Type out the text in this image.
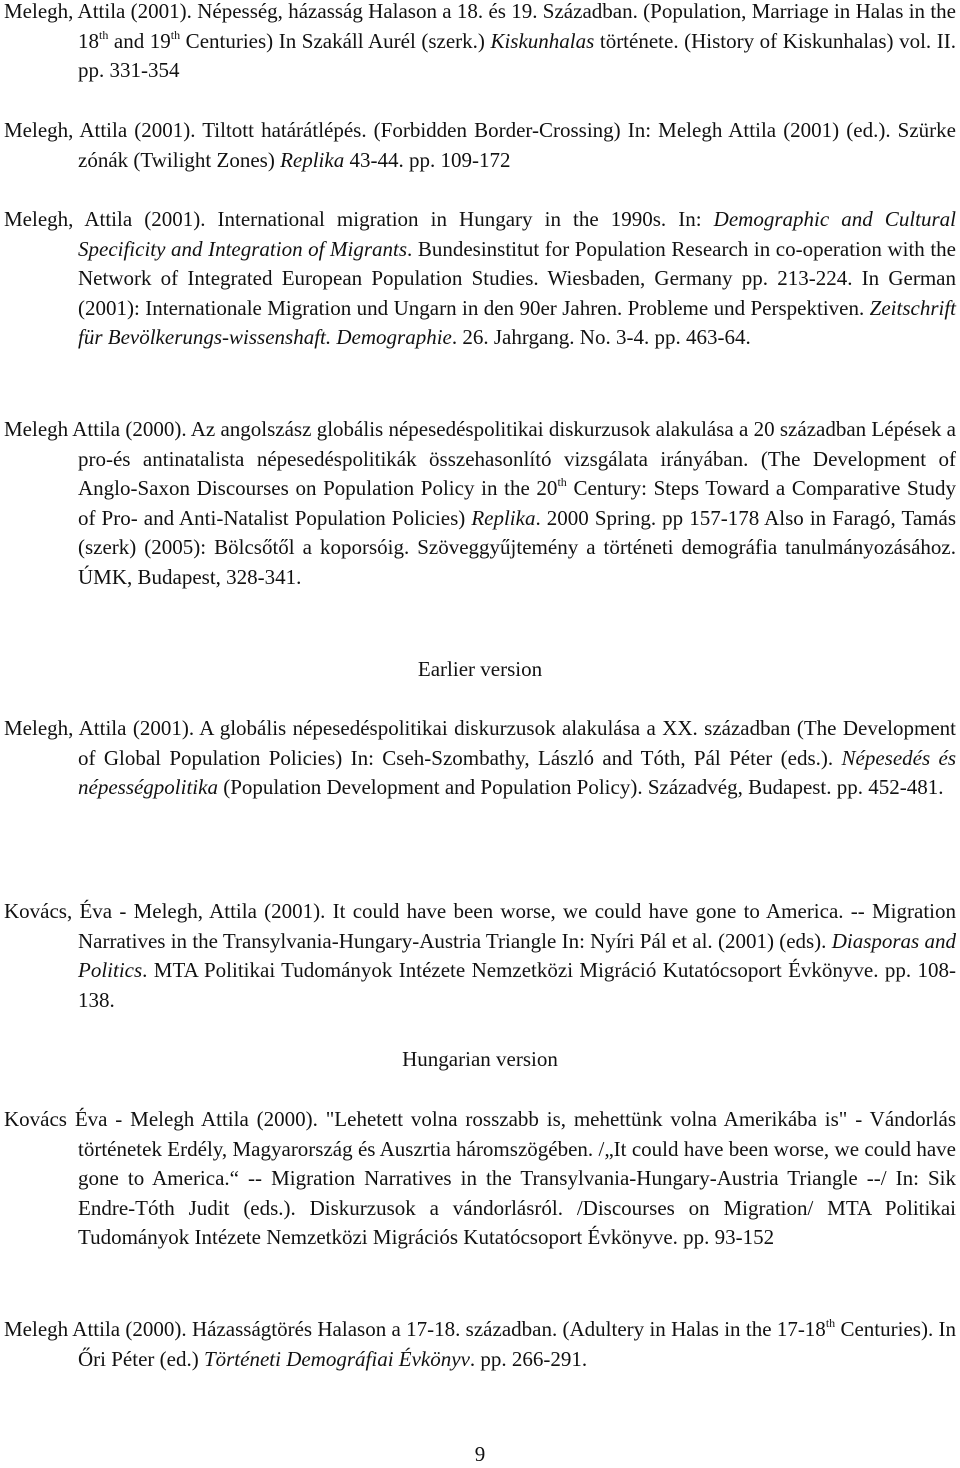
Melegh, Attila (2001). Népesség, házasság Halason a 18. és 19. Században. (Population, Marriage in Halas in the 18th and 19th Centuries) In Szakáll Aurél (szerk.) Kiskunhalas története. (History of Kiskunhalas) vol. II. pp. 331-354

Melegh, Attila (2001). Tiltott határátlépés. (Forbidden Border-Crossing) In: Melegh Attila (2001) (ed.). Szürke zónák (Twilight Zones) Replika 43-44. pp. 109-172

Melegh, Attila (2001). International migration in Hungary in the 1990s. In: Demographic and Cultural Specificity and Integration of Migrants. Bundesinstitut for Population Research in co-operation with the Network of Integrated European Population Studies. Wiesbaden, Germany pp. 213-224. In German (2001): Internationale Migration und Ungarn in den 90er Jahren. Probleme und Perspektiven. Zeitschrift für Bevölkerungs-wissenshaft. Demographie. 26. Jahrgang. No. 3-4. pp. 463-64.

Melegh Attila (2000). Az angolszász globális népesedéspolitikai diskurzusok alakulása a 20 században Lépések a pro-és antinatalista népesedéspolitikák összehasonlító vizsgálata irányában. (The Development of Anglo-Saxon Discourses on Population Policy in the 20th Century: Steps Toward a Comparative Study of Pro- and Anti-Natalist Population Policies) Replika. 2000 Spring. pp 157-178 Also in Faragó, Tamás (szerk) (2005): Bölcsőtől a koporsóig. Szöveggyűjtemény a történeti demográfia tanulmányozásához. ÚMK, Budapest, 328-341.

Earlier version

Melegh, Attila (2001). A globális népesedéspolitikai diskurzusok alakulása a XX. században (The Development of Global Population Policies) In: Cseh-Szombathy, László and Tóth, Pál Péter (eds.). Népesedés és népességpolitika (Population Development and Population Policy). Századvég, Budapest. pp. 452-481.

Kovács, Éva - Melegh, Attila (2001). It could have been worse, we could have gone to America. -- Migration Narratives in the Transylvania-Hungary-Austria Triangle In: Nyíri Pál et al. (2001) (eds). Diasporas and Politics. MTA Politikai Tudományok Intézete Nemzetközi Migráció Kutatócsoport Évkönyve. pp. 108-138.

Hungarian version

Kovács Éva - Melegh Attila (2000). "Lehetett volna rosszabb is, mehettünk volna Amerikába is" - Vándorlás történetek Erdély, Magyarország és Auszrtia háromszögében. /„It could have been worse, we could have gone to America.“ -- Migration Narratives in the Transylvania-Hungary-Austria Triangle --/ In: Sik Endre-Tóth Judit (eds.). Diskurzusok a vándorlásról. /Discourses on Migration/ MTA Politikai Tudományok Intézete Nemzetközi Migrációs Kutatócsoport Évkönyve. pp. 93-152

Melegh Attila (2000). Házasságtörés Halason a 17-18. században. (Adultery in Halas in the 17-18th Centuries). In Őri Péter (ed.) Történeti Demográfiai Évkönyv. pp. 266-291.

9
